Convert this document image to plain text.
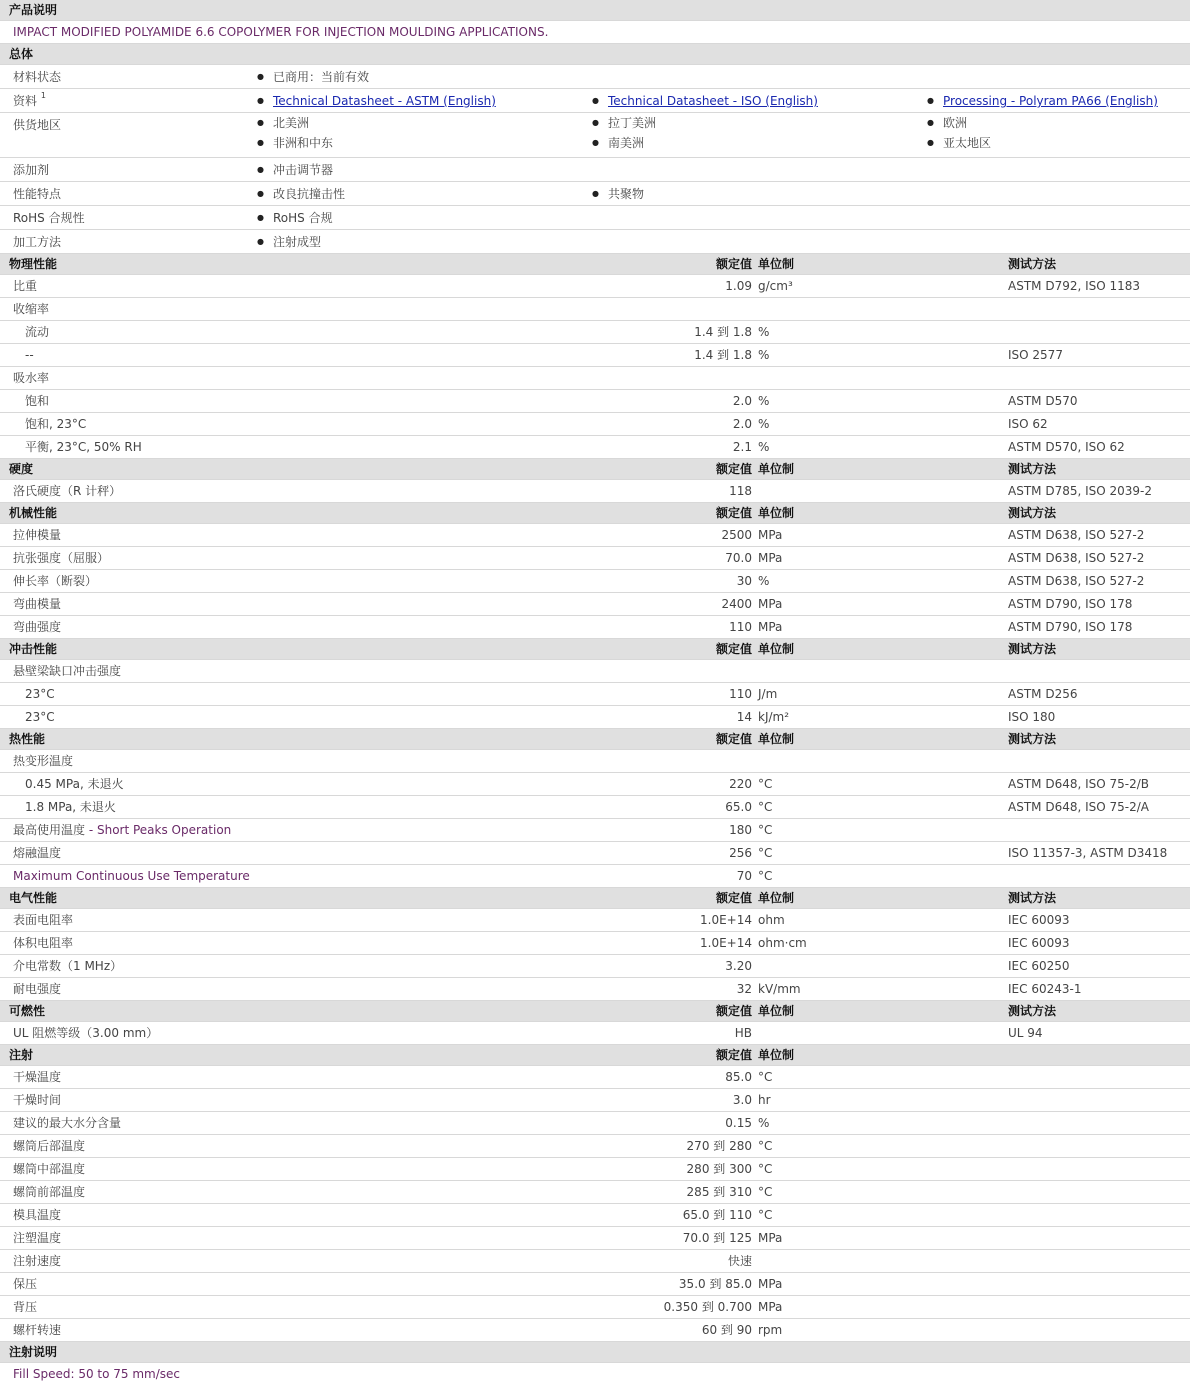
产品说明
IMPACT MODIFIED POLYAMIDE 6.6 COPOLYMER FOR INJECTION MOULDING APPLICATIONS.
总体
材料状态	● 已商用：当前有效
资料 $^1$	● Technical Datasheet - ASTM (English)	● Technical Datasheet - ISO (English)	● Processing - Polyram PA66 (English)
供货地区	● 北美洲	● 拉丁美洲	● 欧洲
● 非洲和中东	● 南美洲	● 亚太地区
添加剂	● 冲击调节器
性能特点	● 改良抗撞击性	● 共聚物
RoHS 合规性	● RoHS 合规
加工方法	● 注射成型
物理性能	额定值 单位制	测试方法
比重	1.09 g/cm³	ASTM D792, ISO 1183
收缩率
流动	1.4 到 1.8 %
--	1.4 到 1.8 %	ISO 2577
吸水率
饱和	2.0 %	ASTM D570
饱和, 23°C	2.0 %	ISO 62
平衡, 23°C, 50% RH	2.1 %	ASTM D570, ISO 62
硬度	额定值 单位制	测试方法
洛氏硬度（R 计秤）	118	ASTM D785, ISO 2039-2
机械性能	额定值 单位制	测试方法
拉伸模量	2500 MPa	ASTM D638, ISO 527-2
抗张强度（屈服）	70.0 MPa	ASTM D638, ISO 527-2
伸长率（断裂）	30 %	ASTM D638, ISO 527-2
弯曲模量	2400 MPa	ASTM D790, ISO 178
弯曲强度	110 MPa	ASTM D790, ISO 178
冲击性能	额定值 单位制	测试方法
悬壁梁缺口冲击强度
23°C	110 J/m	ASTM D256
23°C	14 kJ/m²	ISO 180
热性能	额定值 单位制	测试方法
热变形温度
0.45 MPa, 未退火	220 °C	ASTM D648, ISO 75-2/B
1.8 MPa, 未退火	65.0 °C	ASTM D648, ISO 75-2/A
最高使用温度 - Short Peaks Operation	180 °C
熔融温度	256 °C	ISO 11357-3, ASTM D3418
Maximum Continuous Use Temperature	70 °C
电气性能	额定值 单位制	测试方法
表面电阻率	1.0E+14 ohm	IEC 60093
体积电阻率	1.0E+14 ohm·cm	IEC 60093
介电常数（1 MHz）	3.20	IEC 60250
耐电强度	32 kV/mm	IEC 60243-1
可燃性	额定值 单位制	测试方法
UL 阻燃等级（3.00 mm）	HB	UL 94
注射	额定值 单位制
干燥温度	85.0 °C
干燥时间	3.0 hr
建议的最大水分含量	0.15 %
螺筒后部温度	270 到 280 °C
螺筒中部温度	280 到 300 °C
螺筒前部温度	285 到 310 °C
模具温度	65.0 到 110 °C
注塑温度	70.0 到 125 MPa
注射速度	快速
保压	35.0 到 85.0 MPa
背压	0.350 到 0.700 MPa
螺杆转速	60 到 90 rpm
注射说明
Fill Speed: 50 to 75 mm/sec
